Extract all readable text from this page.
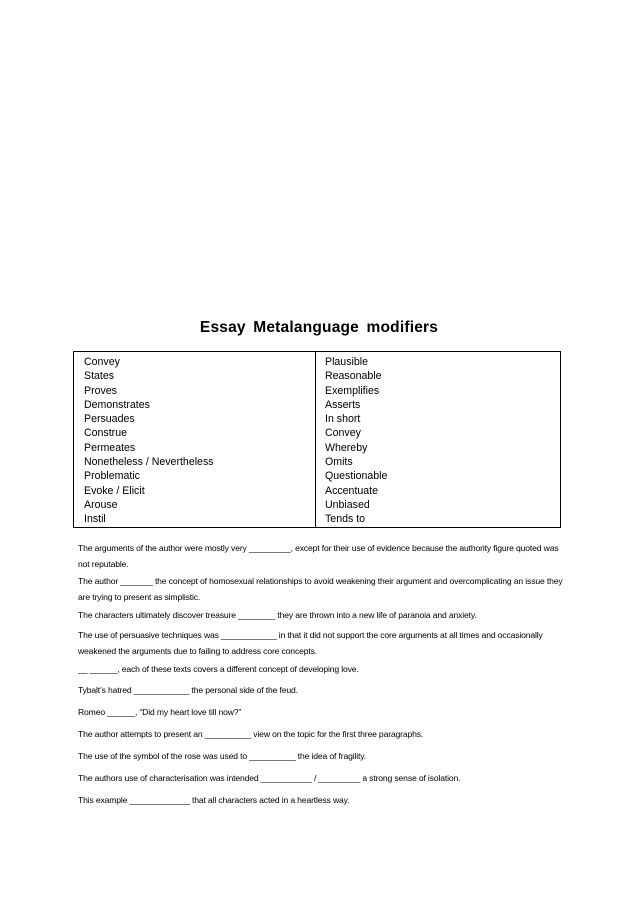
Essay Metalanguage modifiers
Convey
States
Proves
Demonstrates
Persuades
Construe
Permeates
Nonetheless / Nevertheless
Problematic
Evoke / Elicit
Arouse
Instil
Plausible
Reasonable
Exemplifies
Asserts
In short
Convey
Whereby
Omits
Questionable
Accentuate
Unbiased
Tends to
The arguments of the author were mostly very _________, except for their use of evidence because the authority figure quoted was not reputable.
The author _______ the concept of homosexual relationships to avoid weakening their argument and overcomplicating an issue they are trying to present as simplistic.
The characters ultimately discover treasure ________ they are thrown into a new life of paranoia and anxiety.
The use of persuasive techniques was ____________ in that it did not support the core arguments at all times and occasionally weakened the arguments due to failing to address core concepts.
__ ______, each of these texts covers a different concept of developing love.
Tybalt’s hatred ____________ the personal side of the feud.
Romeo ______, “Did my heart love till now?”
The author attempts to present an __________ view on the topic for the first three paragraphs.
The use of the symbol of the rose was used to __________ the idea of fragility.
The authors use of characterisation was intended ___________ / _________ a strong sense of isolation.
This example _____________ that all characters acted in a heartless way.
